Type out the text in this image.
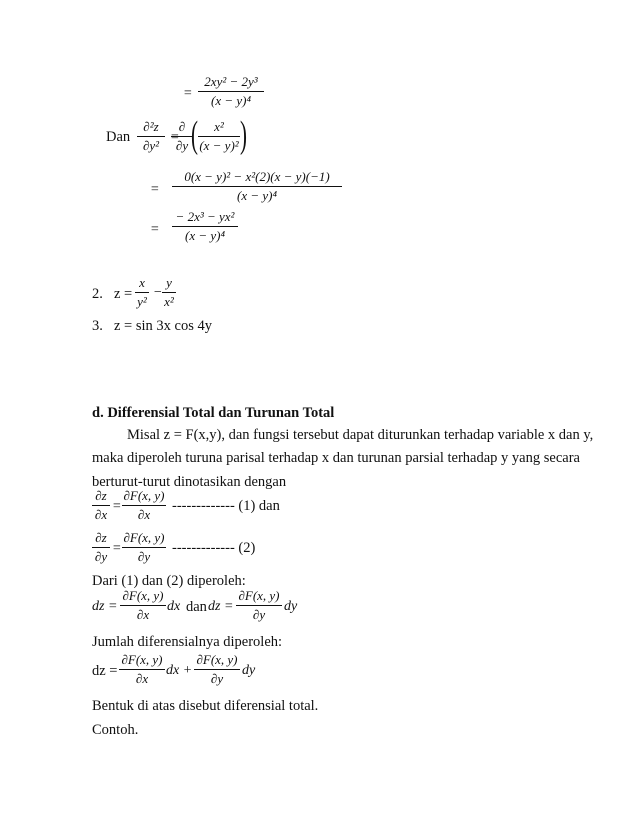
=
2xy² − 2y³
(x − y)⁴
Dan
∂²z
∂y²
=
∂
∂y (	x²
(x − y)² )
=
0(x − y)² − x²(2)(x − y)(−1)
(x − y)⁴
=
− 2x³ − yx²
(x − y)⁴
2. z =
x
y²
−
y
x²
3. z = sin 3x cos 4y
d. Differensial Total dan Turunan Total
Misal z = F(x,y), dan fungsi tersebut dapat diturunkan terhadap variable x dan y,
maka diperoleh turuna parisal terhadap x dan turunan parsial terhadap y yang secara
berturut-turut dinotasikan dengan
∂z
∂x
=
∂F(x, y)
∂x
------------- (1) dan
∂z
∂y
=
∂F(x, y)
∂y
------------- (2)
Dari (1) dan (2) diperoleh:
dz =
∂F(x, y)
∂x
dx dan dz =
∂F(x, y)
∂y
dy
Jumlah diferensialnya diperoleh:
dz =
∂F(x, y)
∂x
dx +
∂F(x, y)
∂y
dy
Bentuk di atas disebut diferensial total.
Contoh.
